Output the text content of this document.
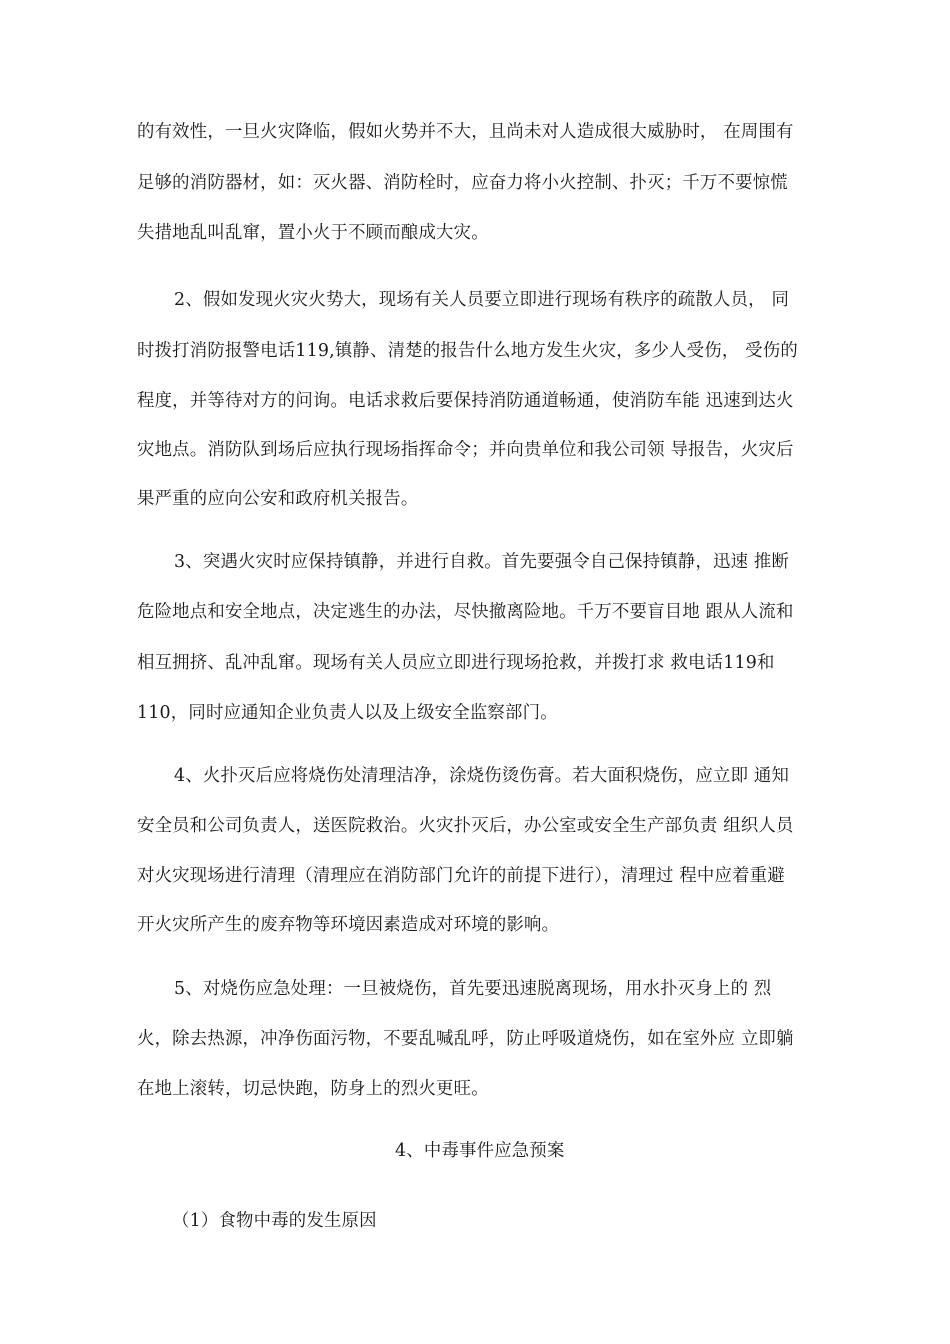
的有效性，一旦火灾降临，假如火势并不大，且尚未对人造成很大威胁时， 在周围有
足够的消防器材，如：灭火器、消防栓时，应奋力将小火控制、扑灭；千万不要惊慌
失措地乱叫乱窜，置小火于不顾而酿成大灾。
2、假如发现火灾火势大，现场有关人员要立即进行现场有秩序的疏散人员， 同
时拨打消防报警电话119,镇静、清楚的报告什么地方发生火灾，多少人受伤， 受伤的
程度，并等待对方的问询。电话求救后要保持消防通道畅通，使消防车能 迅速到达火
灾地点。消防队到场后应执行现场指挥命令；并向贵单位和我公司领 导报告，火灾后
果严重的应向公安和政府机关报告。
3、突遇火灾时应保持镇静，并进行自救。首先要强令自己保持镇静，迅速 推断
危险地点和安全地点，决定逃生的办法，尽快撤离险地。千万不要盲目地 跟从人流和
相互拥挤、乱冲乱窜。现场有关人员应立即进行现场抢救，并拨打求 救电话119和
110，同时应通知企业负责人以及上级安全监察部门。
4、火扑灭后应将烧伤处清理洁净，涂烧伤烫伤膏。若大面积烧伤，应立即 通知
安全员和公司负责人，送医院救治。火灾扑灭后，办公室或安全生产部负责 组织人员
对火灾现场进行清理（清理应在消防部门允许的前提下进行），清理过 程中应着重避
开火灾所产生的废弃物等环境因素造成对环境的影响。
5、对烧伤应急处理：一旦被烧伤，首先要迅速脱离现场，用水扑灭身上的 烈
火，除去热源，冲净伤面污物，不要乱喊乱呼，防止呼吸道烧伤，如在室外应 立即躺
在地上滚转，切忌快跑，防身上的烈火更旺。
4、中毒事件应急预案
（1）食物中毒的发生原因
